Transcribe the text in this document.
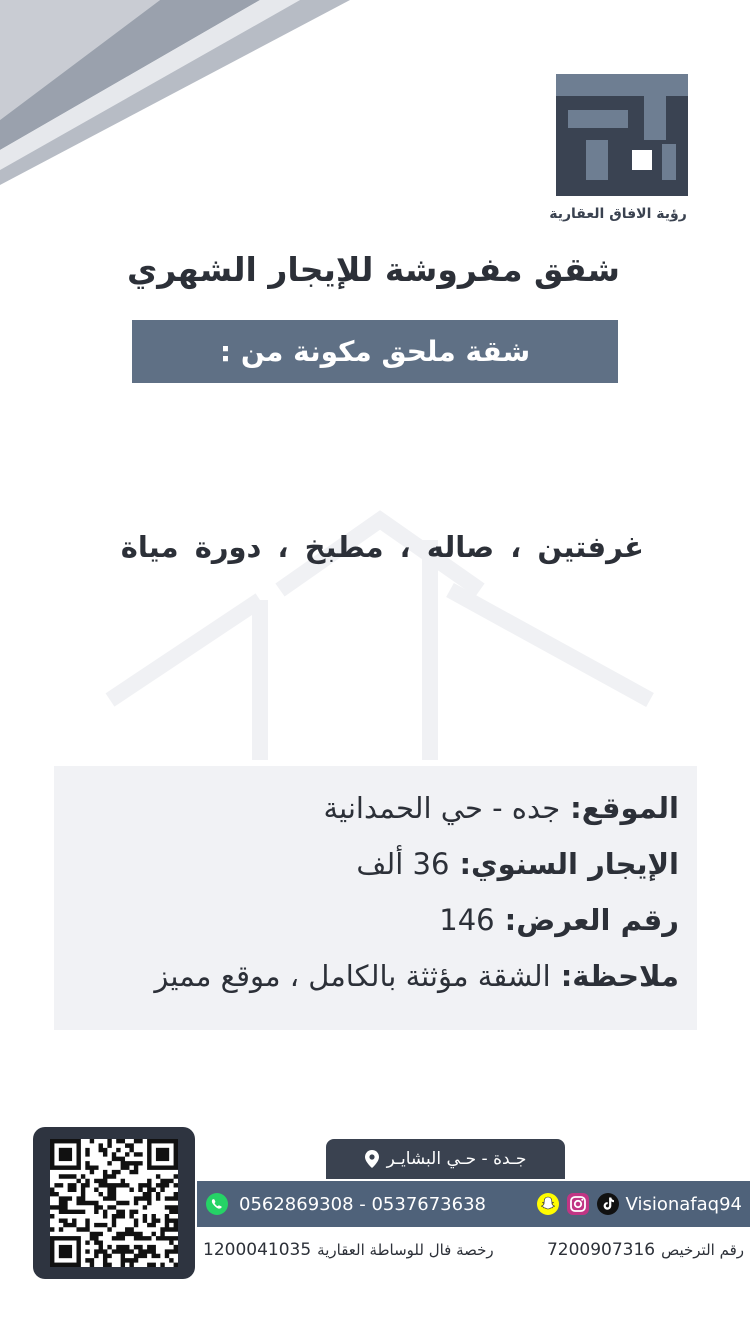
رؤية الافاق العقارية
شقق مفروشة للإيجار الشهري
شقة ملحق مكونة من :
غرفتين ، صاله ، مطبخ ، دورة مياة
الموقع:جده - حي الحمدانية
الإيجار السنوي:36 ألف
رقم العرض:146
ملاحظة:الشقة مؤثثة بالكامل ، موقع مميز
جـدة - حـي البشايـر
0562869308 - 0537673638	Visionafaq94
رقم الترخيص7200907316
رخصة فال للوساطة العقارية1200041035
